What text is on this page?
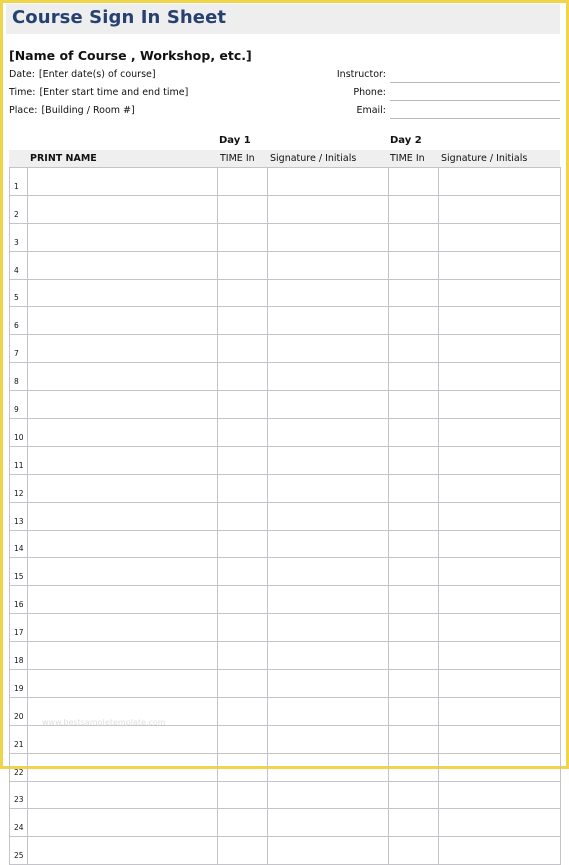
Course Sign In Sheet
[Name of Course , Workshop, etc.]
Date: [Enter date(s) of course]
Time: [Enter start time and end time]
Place: [Building / Room #]
Instructor:
Phone:
Email:
Day 1	Day 2
PRINT NAME	TIME In Signature / Initials	TIME In Signature / Initials
1					
2					
3					
4					
5					
6					
7					
8					
9					
10					
11					
12					
13					
14					
15					
16					
17					
18					
19					
20					
21					
22					
23					
24					
25					
www.bestsampletemplate.com
